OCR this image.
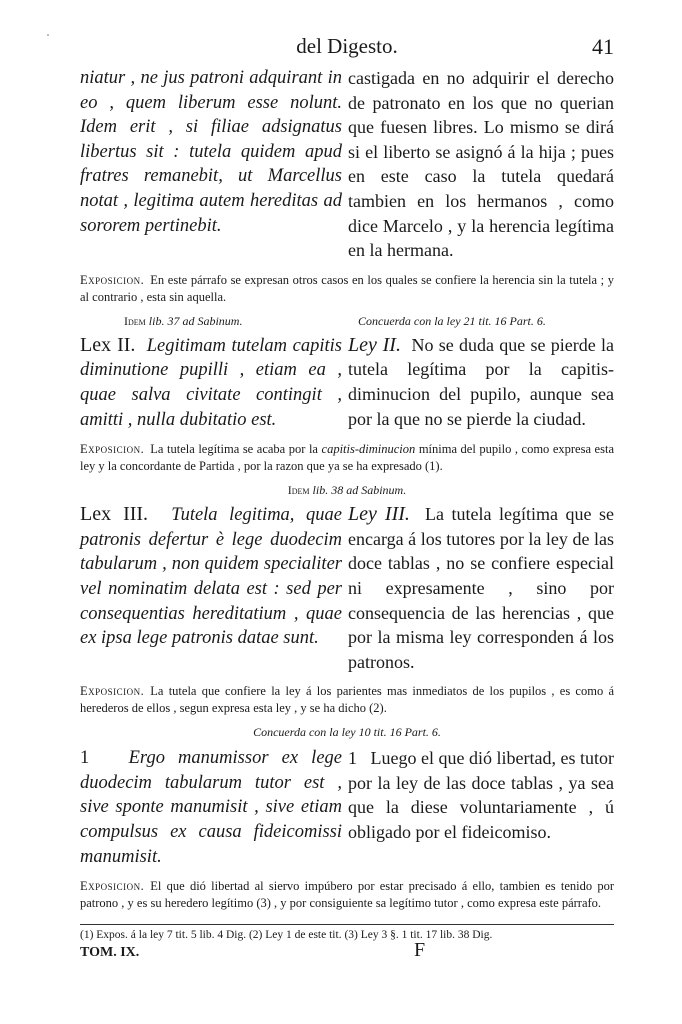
del Digesto.	41

niatur , ne jus patroni adquirant in eo , quem liberum esse nolunt. Idem erit , si filiae adsignatus libertus sit : tutela quidem apud fratres remanebit, ut Marcellus notat , legitima autem hereditas ad sororem pertinebit.

castigada en no adquirir el derecho de patronato en los que no querian que fuesen libres. Lo mismo se dirá si el liberto se asignó á la hija ; pues en este caso la tutela quedará tambien en los hermanos , como dice Marcelo , y la herencia legítima en la hermana.

Exposicion. En este párrafo se expresan otros casos en los quales se confiere la herencia sin la tutela ; y al contrario , esta sin aquella.
Idem lib. 37 ad Sabinum.	Concuerda con la ley 21 tit. 16 Part. 6.

Lex II. Legitimam tutelam capitis diminutione pupilli , etiam ea , quae salva civitate contingit , amitti , nulla dubitatio est.

Ley II. No se duda que se pierde la tutela legítima por la capitis-diminucion del pupilo, aunque sea por la que no se pierde la ciudad.

Exposicion. La tutela legítima se acaba por la capitis-diminucion mínima del pupilo , como expresa esta ley y la concordante de Partida , por la razon que ya se ha expresado (1).
Idem lib. 38 ad Sabinum.

Lex III. Tutela legitima, quae patronis defertur è lege duodecim tabularum , non quidem specialiter vel nominatim delata est : sed per consequentias hereditatium , quae ex ipsa lege patronis datae sunt.

Ley III. La tutela legítima que se encarga á los tutores por la ley de las doce tablas , no se confiere especial ni expresamente , sino por consequencia de las herencias , que por la misma ley corresponden á los patronos.

Exposicion. La tutela que confiere la ley á los parientes mas inmediatos de los pupilos , es como á herederos de ellos , segun expresa esta ley , y se ha dicho (2).
Concuerda con la ley 10 tit. 16 Part. 6.

1 Ergo manumissor ex lege duodecim tabularum tutor est , sive sponte manumisit , sive etiam compulsus ex causa fideicomissi manumisit.

1 Luego el que dió libertad, es tutor por la ley de las doce tablas , ya sea que la diese voluntariamente , ú obligado por el fideicomiso.

Exposicion. El que dió libertad al siervo impúbero por estar precisado á ello, tambien es tenido por patrono , y es su heredero legítimo (3) , y por consiguiente sa legítimo tutor , como expresa este párrafo.
(1) Expos. á la ley 7 tit. 5 lib. 4 Dig. (2) Ley 1 de este tit. (3) Ley 3 §. 1 tit. 17 lib. 38 Dig.
TOM. IX.	F
